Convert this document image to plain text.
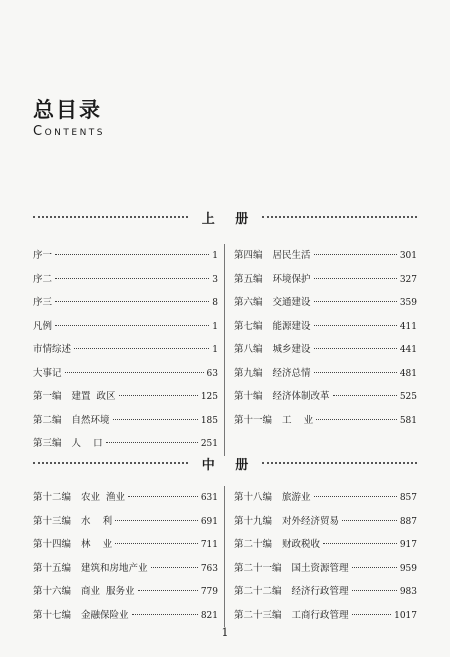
总目录
Contents
上 册
序一	1
序二	3
序三	8
凡例	1
市情综述	1
大事记	63
第一编 建置  政区	125
第二编 自然环境	185
第三编 人    口	251
第四编 居民生活	301
第五编 环境保护	327
第六编 交通建设	359
第七编 能源建设	411
第八编 城乡建设	441
第九编 经济总情	481
第十编 经济体制改革	525
第十一编 工    业	581
中 册
第十二编 农业  渔业	631
第十三编 水    利	691
第十四编 林    业	711
第十五编 建筑和房地产业	763
第十六编 商业  服务业	779
第十七编 金融保险业	821
第十八编 旅游业	857
第十九编 对外经济贸易	887
第二十编 财政税收	917
第二十一编 国土资源管理	959
第二十二编 经济行政管理	983
第二十三编 工商行政管理	1017
1
